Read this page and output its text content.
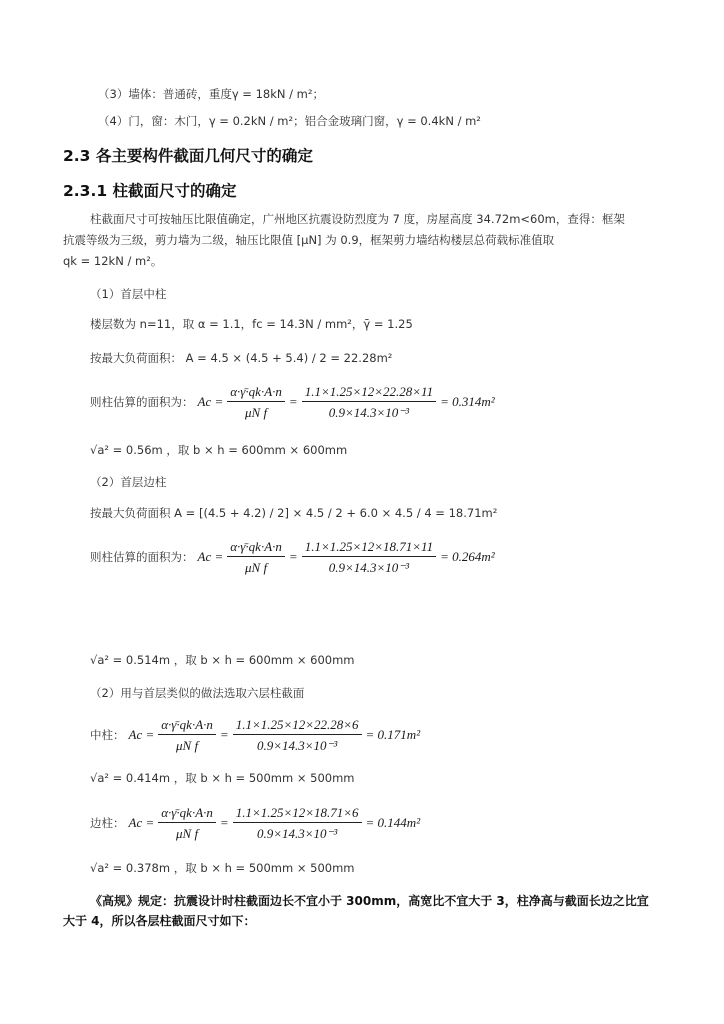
（3）墙体：普通砖，重度γ = 18kN / m²；
（4）门，窗：木门，γ = 0.2kN / m²；铝合金玻璃门窗，γ = 0.4kN / m²
2.3 各主要构件截面几何尺寸的确定
2.3.1 柱截面尺寸的确定
柱截面尺寸可按轴压比限值确定，广州地区抗震设防烈度为 7 度，房屋高度 34.72m<60m，查得：框架
抗震等级为三级，剪力墙为二级，轴压比限值 [μN] 为 0.9，框架剪力墙结构楼层总荷载标准值取
qk = 12kN / m²。
（1）首层中柱
楼层数为 n=11，取 α = 1.1，fc = 14.3N / mm²，γ̄ = 1.25
按最大负荷面积： A = 4.5 × (4.5 + 5.4) / 2 = 22.28m²
则柱估算的面积为： $Ac = \frac{\alpha\cdot\gammā\cdot qk\cdot A\cdot n}{\text{μN f}} = \frac{1.1\times 1.25\times 12\times 22.28\times 11}{\text{0.9×14.3×10⁻³}} = 0.314m^2$
√a² = 0.56m ，取 b × h = 600mm × 600mm
（2）首层边柱
按最大负荷面积 A = [(4.5 + 4.2) / 2] × 4.5 / 2 + 6.0 × 4.5 / 4 = 18.71m²
则柱估算的面积为： $Ac = \frac{\alpha\cdot\gammā\cdot qk\cdot A\cdot n}{\text{μN f}} = \frac{1.1\times 1.25\times 12\times 18.71\times 11}{\text{0.9×14.3×10⁻³}} = 0.264m^2$
√a² = 0.514m ，取 b × h = 600mm × 600mm
（2）用与首层类似的做法选取六层柱截面
中柱： $Ac = \frac{\alpha\cdot\gammā\cdot qk\cdot A\cdot n}{\text{μN f}} = \frac{1.1\times 1.25\times 12\times 22.28\times 6}{\text{0.9×14.3×10⁻³}} = 0.171m^2$
√a² = 0.414m ，取 b × h = 500mm × 500mm
边柱： $Ac = \frac{\alpha\cdot\gammā\cdot qk\cdot A\cdot n}{\text{μN f}} = \frac{1.1\times 1.25\times 12\times 18.71\times 6}{\text{0.9×14.3×10⁻³}} = 0.144m^2$
√a² = 0.378m ，取 b × h = 500mm × 500mm
《高规》规定：抗震设计时柱截面边长不宜小于 300mm，高宽比不宜大于 3，柱净高与截面长边之比宜
大于 4，所以各层柱截面尺寸如下：
